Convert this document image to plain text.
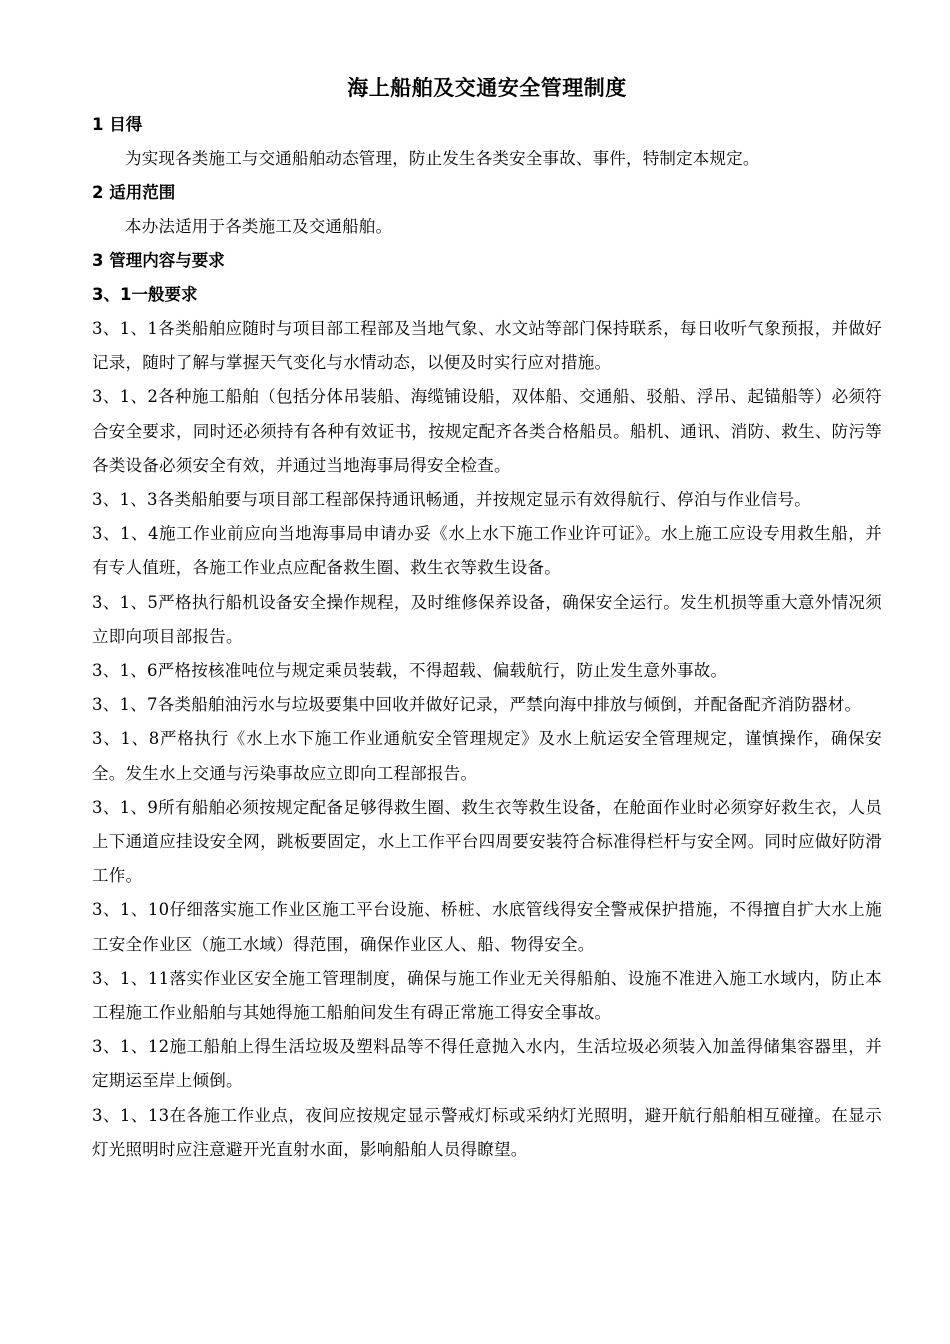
海上船舶及交通安全管理制度

1 目得

为实现各类施工与交通船舶动态管理，防止发生各类安全事故、事件，特制定本规定。

2 适用范围

本办法适用于各类施工及交通船舶。

3 管理内容与要求

3、1一般要求

3、1、1各类船舶应随时与项目部工程部及当地气象、水文站等部门保持联系，每日收听气象预报，并做好记录，随时了解与掌握天气变化与水情动态，以便及时实行应对措施。

3、1、2各种施工船舶（包括分体吊装船、海缆铺设船，双体船、交通船、驳船、浮吊、起锚船等）必须符合安全要求，同时还必须持有各种有效证书，按规定配齐各类合格船员。船机、通讯、消防、救生、防污等各类设备必须安全有效，并通过当地海事局得安全检查。

3、1、3各类船舶要与项目部工程部保持通讯畅通，并按规定显示有效得航行、停泊与作业信号。

3、1、4施工作业前应向当地海事局申请办妥《水上水下施工作业许可证》。水上施工应设专用救生船，并有专人值班，各施工作业点应配备救生圈、救生衣等救生设备。

3、1、5严格执行船机设备安全操作规程，及时维修保养设备，确保安全运行。发生机损等重大意外情况须立即向项目部报告。

3、1、6严格按核准吨位与规定乘员装载，不得超载、偏载航行，防止发生意外事故。

3、1、7各类船舶油污水与垃圾要集中回收并做好记录，严禁向海中排放与倾倒，并配备配齐消防器材。

3、1、8严格执行《水上水下施工作业通航安全管理规定》及水上航运安全管理规定，谨慎操作，确保安全。发生水上交通与污染事故应立即向工程部报告。

3、1、9所有船舶必须按规定配备足够得救生圈、救生衣等救生设备，在舱面作业时必须穿好救生衣，人员上下通道应挂设安全网，跳板要固定，水上工作平台四周要安装符合标准得栏杆与安全网。同时应做好防滑工作。

3、1、10仔细落实施工作业区施工平台设施、桥桩、水底管线得安全警戒保护措施，不得擅自扩大水上施工安全作业区（施工水域）得范围，确保作业区人、船、物得安全。

3、1、11落实作业区安全施工管理制度，确保与施工作业无关得船舶、设施不准进入施工水域内，防止本工程施工作业船舶与其她得施工船舶间发生有碍正常施工得安全事故。

3、1、12施工船舶上得生活垃圾及塑料品等不得任意抛入水内，生活垃圾必须装入加盖得储集容器里，并定期运至岸上倾倒。

3、1、13在各施工作业点，夜间应按规定显示警戒灯标或采纳灯光照明，避开航行船舶相互碰撞。在显示灯光照明时应注意避开光直射水面，影响船舶人员得瞭望。
